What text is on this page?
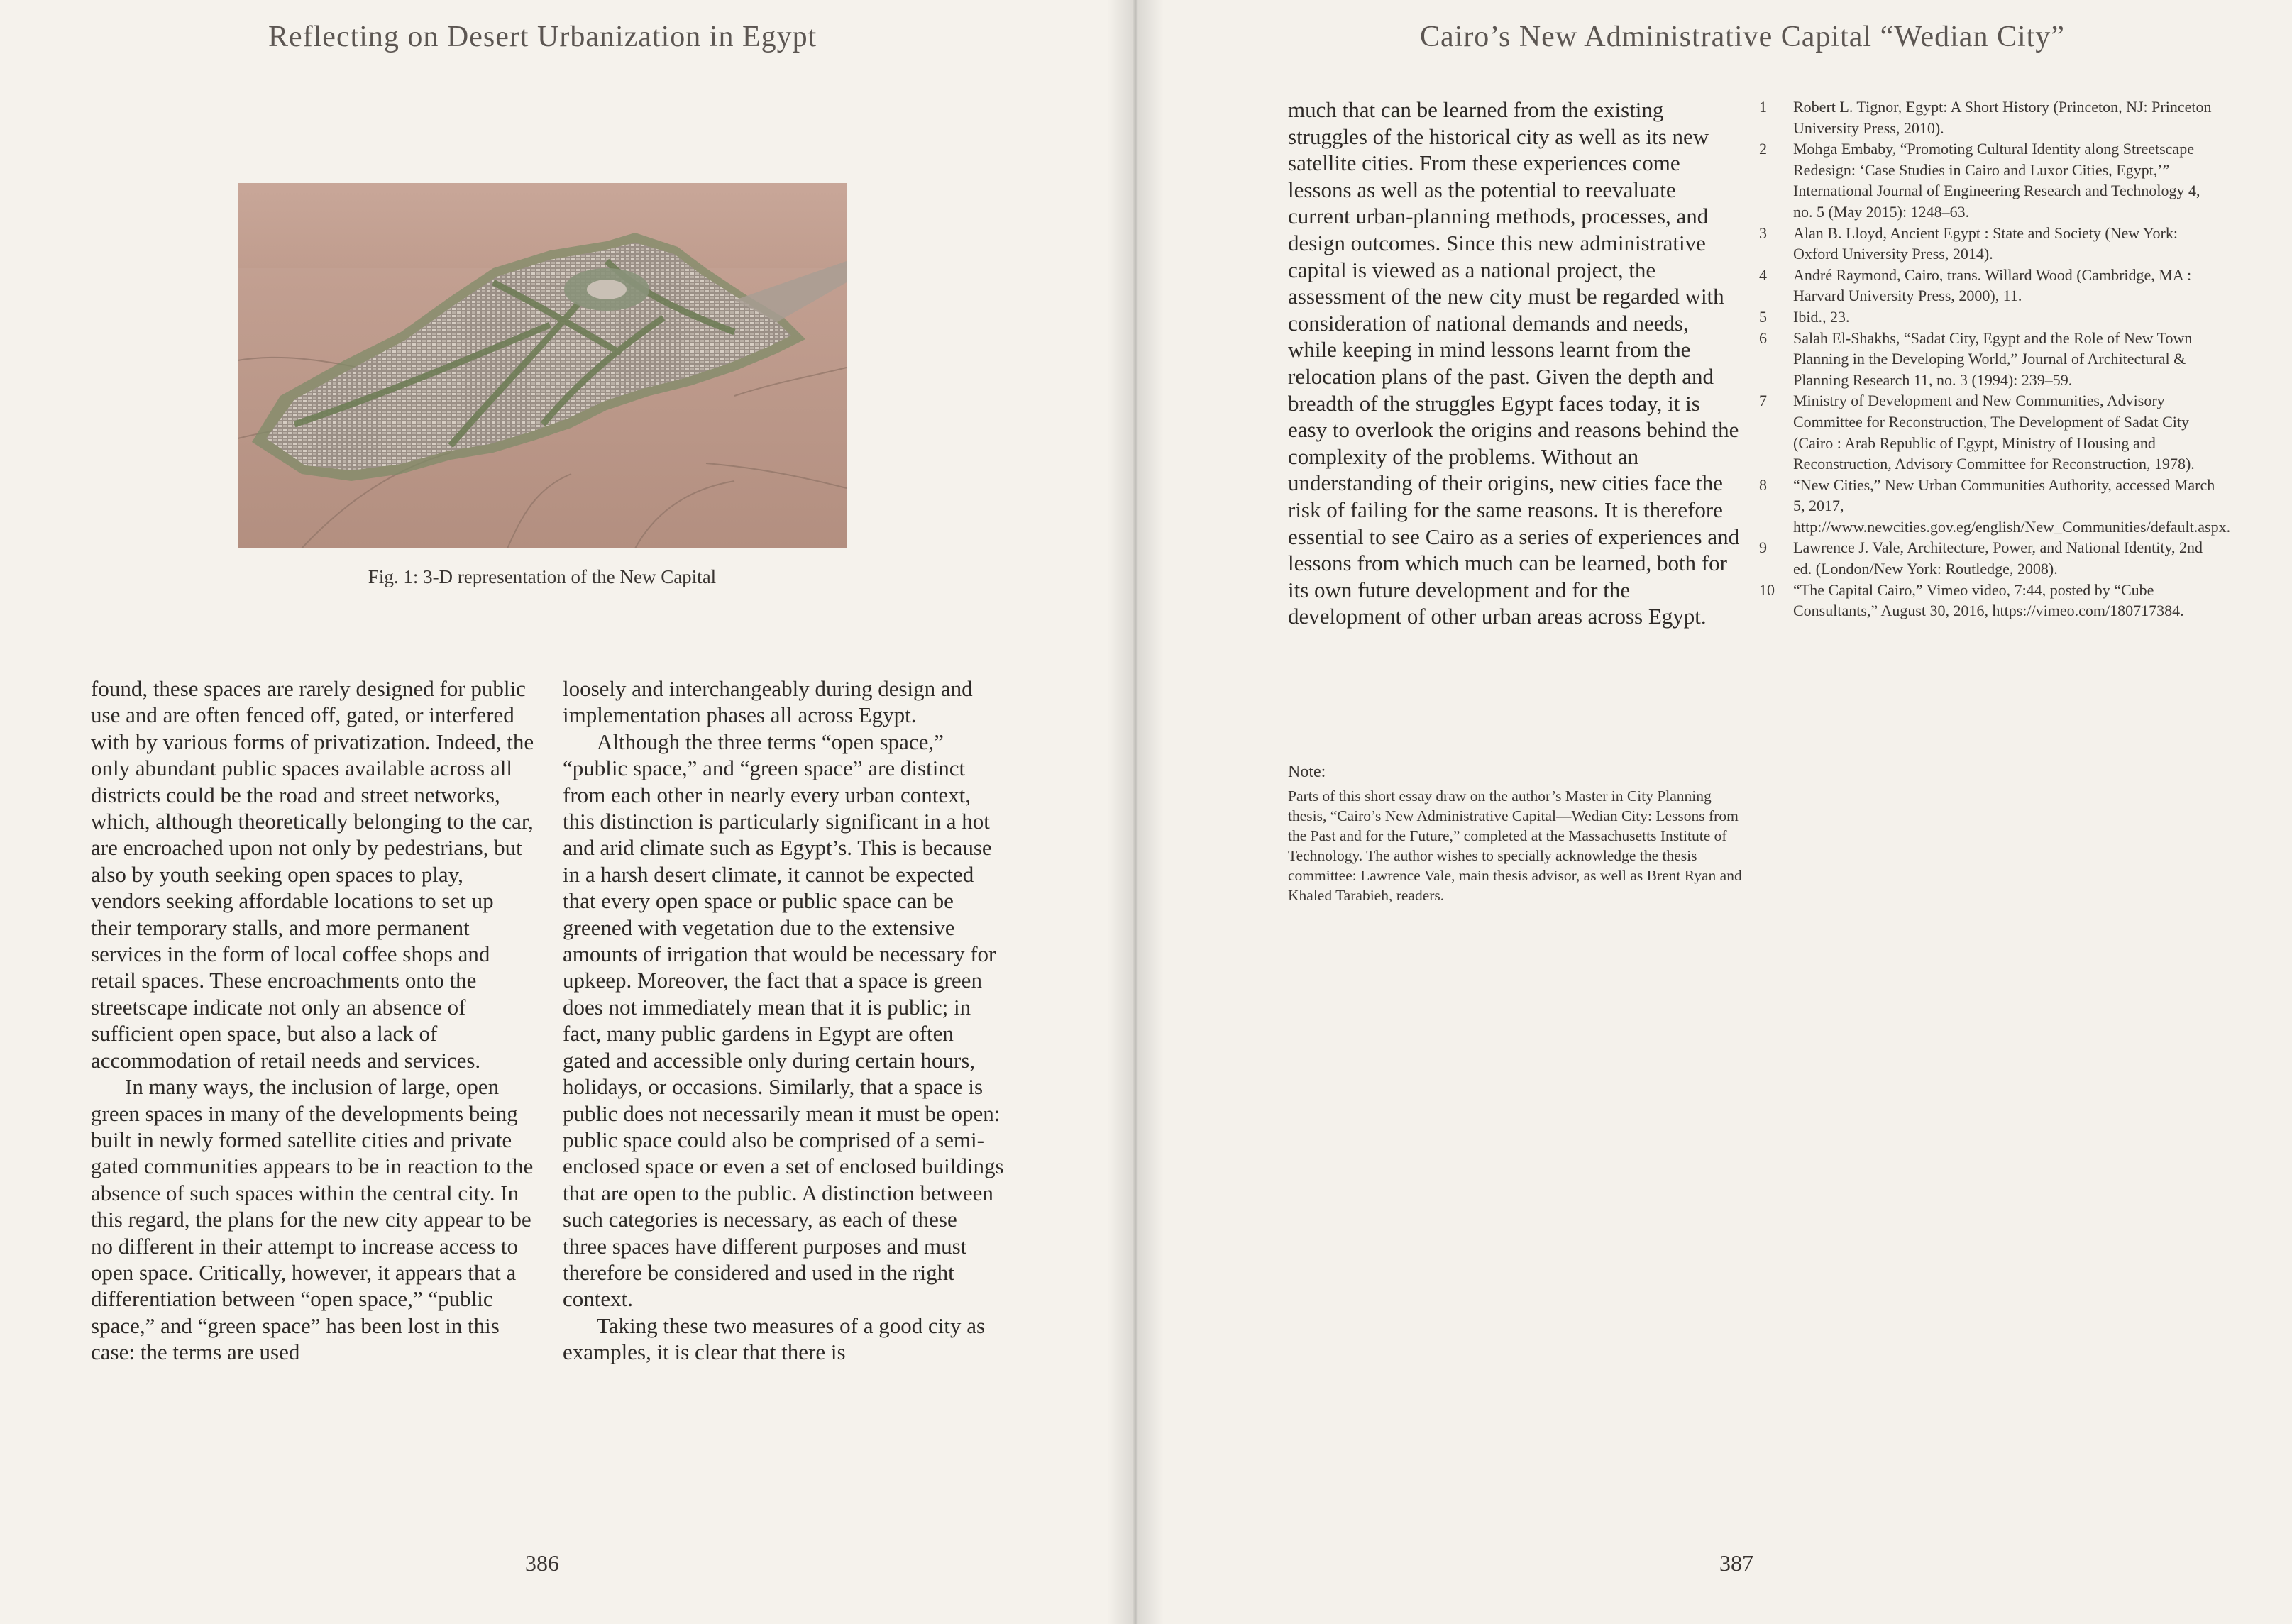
Reflecting on Desert Urbanization in Egypt
Fig. 1: 3-D representation of the New Capital

found, these spaces are rarely designed for public use and are often fenced off, gated, or interfered with by various forms of privatization. Indeed, the only abundant public spaces available across all districts could be the road and street networks, which, although theoretically belonging to the car, are encroached upon not only by pedestrians, but also by youth seeking open spaces to play, vendors seeking affordable locations to set up their temporary stalls, and more permanent services in the form of local coffee shops and retail spaces. These encroachments onto the streetscape indicate not only an absence of sufficient open space, but also a lack of accommodation of retail needs and services.

In many ways, the inclusion of large, open green spaces in many of the developments being built in newly formed satellite cities and private gated communities appears to be in reaction to the absence of such spaces within the central city. In this regard, the plans for the new city appear to be no different in their attempt to increase access to open space. Critically, however, it appears that a differentiation between “open space,” “public space,” and “green space” has been lost in this case: the terms are used

loosely and interchangeably during design and implementation phases all across Egypt.

Although the three terms “open space,” “public space,” and “green space” are distinct from each other in nearly every urban context, this distinction is particularly significant in a hot and arid climate such as Egypt’s. This is because in a harsh desert climate, it cannot be expected that every open space or public space can be greened with vegetation due to the extensive amounts of irrigation that would be necessary for upkeep. Moreover, the fact that a space is green does not immediately mean that it is public; in fact, many public gardens in Egypt are often gated and accessible only during certain hours, holidays, or occasions. Similarly, that a space is public does not necessarily mean it must be open: public space could also be comprised of a semi-enclosed space or even a set of enclosed buildings that are open to the public. A distinction between such categories is necessary, as each of these three spaces have different purposes and must therefore be considered and used in the right context.

Taking these two measures of a good city as examples, it is clear that there is

386
Cairo’s New Administrative Capital “Wedian City”

much that can be learned from the existing struggles of the historical city as well as its new satellite cities. From these experiences come lessons as well as the potential to reevaluate current urban-planning methods, processes, and design outcomes. Since this new administrative capital is viewed as a national project, the assessment of the new city must be regarded with consideration of national demands and needs, while keeping in mind lessons learnt from the relocation plans of the past. Given the depth and breadth of the struggles Egypt faces today, it is easy to overlook the origins and reasons behind the complexity of the problems. Without an understanding of their origins, new cities face the risk of failing for the same reasons. It is therefore essential to see Cairo as a series of experiences and lessons from which much can be learned, both for its own future development and for the development of other urban areas across Egypt.

Note:
Parts of this short essay draw on the author’s Master in City Planning thesis, “Cairo’s New Administrative Capital—Wedian City: Lessons from the Past and for the Future,” completed at the Massachusetts Institute of Technology. The author wishes to specially acknowledge the thesis committee: Lawrence Vale, main thesis advisor, as well as Brent Ryan and Khaled Tarabieh, readers.
1	Robert L. Tignor, Egypt: A Short History (Princeton, NJ: Princeton University Press, 2010).
2	Mohga Embaby, “Promoting Cultural Identity along Streetscape Redesign: ‘Case Studies in Cairo and Luxor Cities, Egypt,’” International Journal of Engineering Research and Technology 4, no. 5 (May 2015): 1248–63.
3	Alan B. Lloyd, Ancient Egypt : State and Society (New York: Oxford University Press, 2014).
4	André Raymond, Cairo, trans. Willard Wood (Cambridge, MA : Harvard University Press, 2000), 11.
5	Ibid., 23.
6	Salah El-Shakhs, “Sadat City, Egypt and the Role of New Town Planning in the Developing World,” Journal of Architectural & Planning Research 11, no. 3 (1994): 239–59.
7	Ministry of Development and New Communities, Advisory Committee for Reconstruction, The Development of Sadat City (Cairo : Arab Republic of Egypt, Ministry of Housing and Reconstruction, Advisory Committee for Reconstruction, 1978).
8	“New Cities,” New Urban Communities Authority, accessed March 5, 2017, http://www.newcities.gov.eg/english/New_Communities/default.aspx.
9	Lawrence J. Vale, Architecture, Power, and National Identity, 2nd ed. (London/New York: Routledge, 2008).
10	“The Capital Cairo,” Vimeo video, 7:44, posted by “Cube Consultants,” August 30, 2016, https://vimeo.com/180717384.
387
